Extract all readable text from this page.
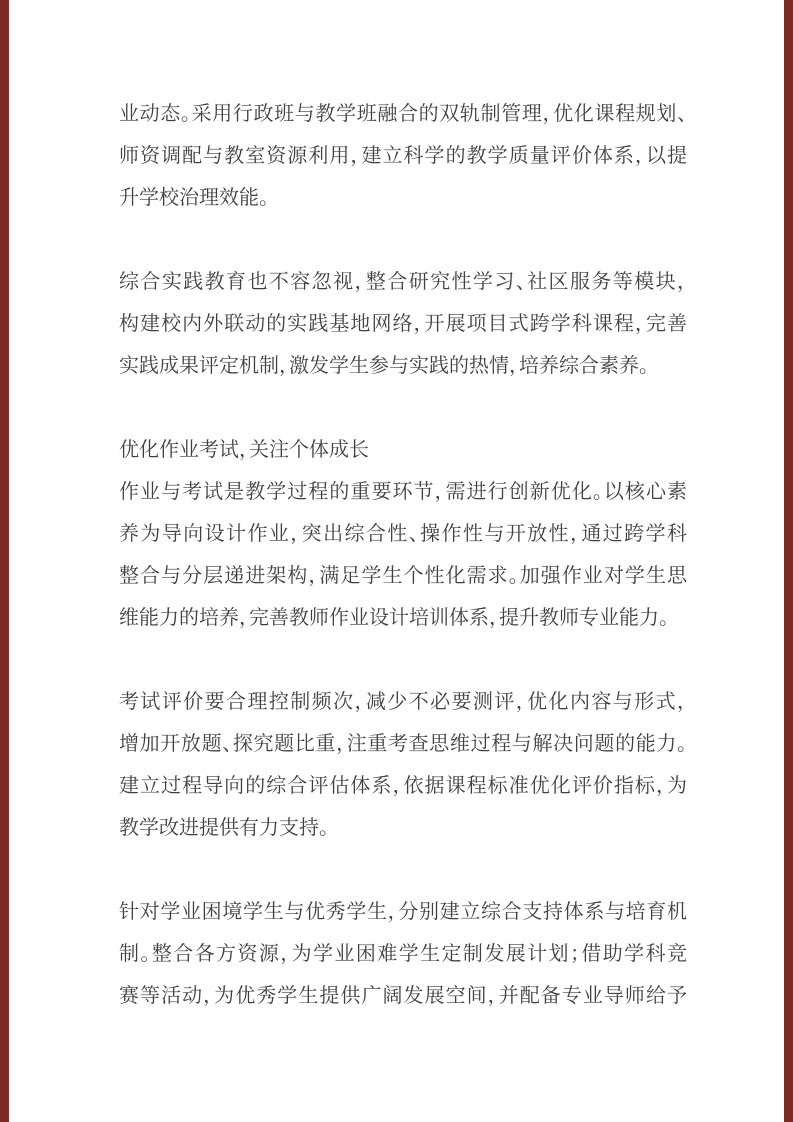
业动态。采用行政班与教学班融合的双轨制管理，优化课程规划、
师资调配与教室资源利用，建立科学的教学质量评价体系，以提
升学校治理效能。
综合实践教育也不容忽视，整合研究性学习、社区服务等模块，
构建校内外联动的实践基地网络，开展项目式跨学科课程，完善
实践成果评定机制，激发学生参与实践的热情，培养综合素养。
优化作业考试，关注个体成长
作业与考试是教学过程的重要环节，需进行创新优化。以核心素
养为导向设计作业，突出综合性、操作性与开放性，通过跨学科
整合与分层递进架构，满足学生个性化需求。加强作业对学生思
维能力的培养，完善教师作业设计培训体系，提升教师专业能力。
考试评价要合理控制频次，减少不必要测评，优化内容与形式，
增加开放题、探究题比重，注重考查思维过程与解决问题的能力。
建立过程导向的综合评估体系，依据课程标准优化评价指标，为
教学改进提供有力支持。
针对学业困境学生与优秀学生，分别建立综合支持体系与培育机
制。整合各方资源，为学业困难学生定制发展计划；借助学科竞
赛等活动，为优秀学生提供广阔发展空间，并配备专业导师给予
